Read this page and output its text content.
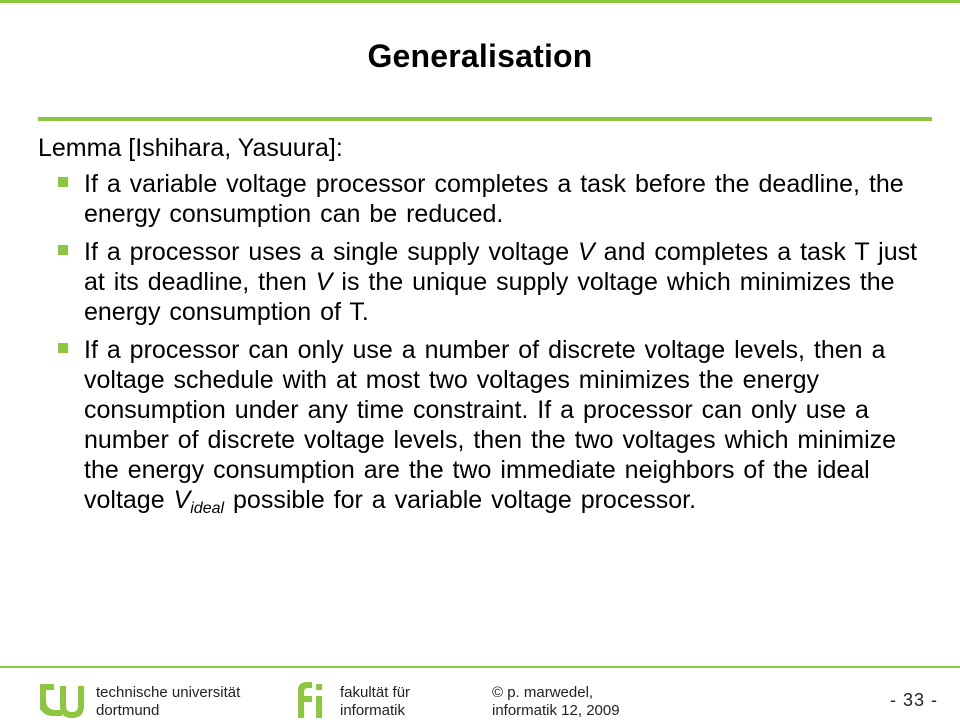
Generalisation

Lemma [Ishihara, Yasuura]:

If a variable voltage processor completes a task before the deadline, the energy consumption can be reduced.
If a processor uses a single supply voltage V and completes a task T just at its deadline, then V is the unique supply voltage which minimizes the energy consumption of T.
If a processor can only use a number of discrete voltage levels, then a voltage schedule with at most two voltages minimizes the energy consumption under any time constraint. If a processor can only use a number of discrete voltage levels, then the two voltages which minimize the energy consumption are the two immediate neighbors of the ideal voltage $V_{ideal}$ possible for a variable voltage processor.
technische universität
dortmund
fakultät für
informatik
© p. marwedel,
informatik 12, 2009
- 33 -
